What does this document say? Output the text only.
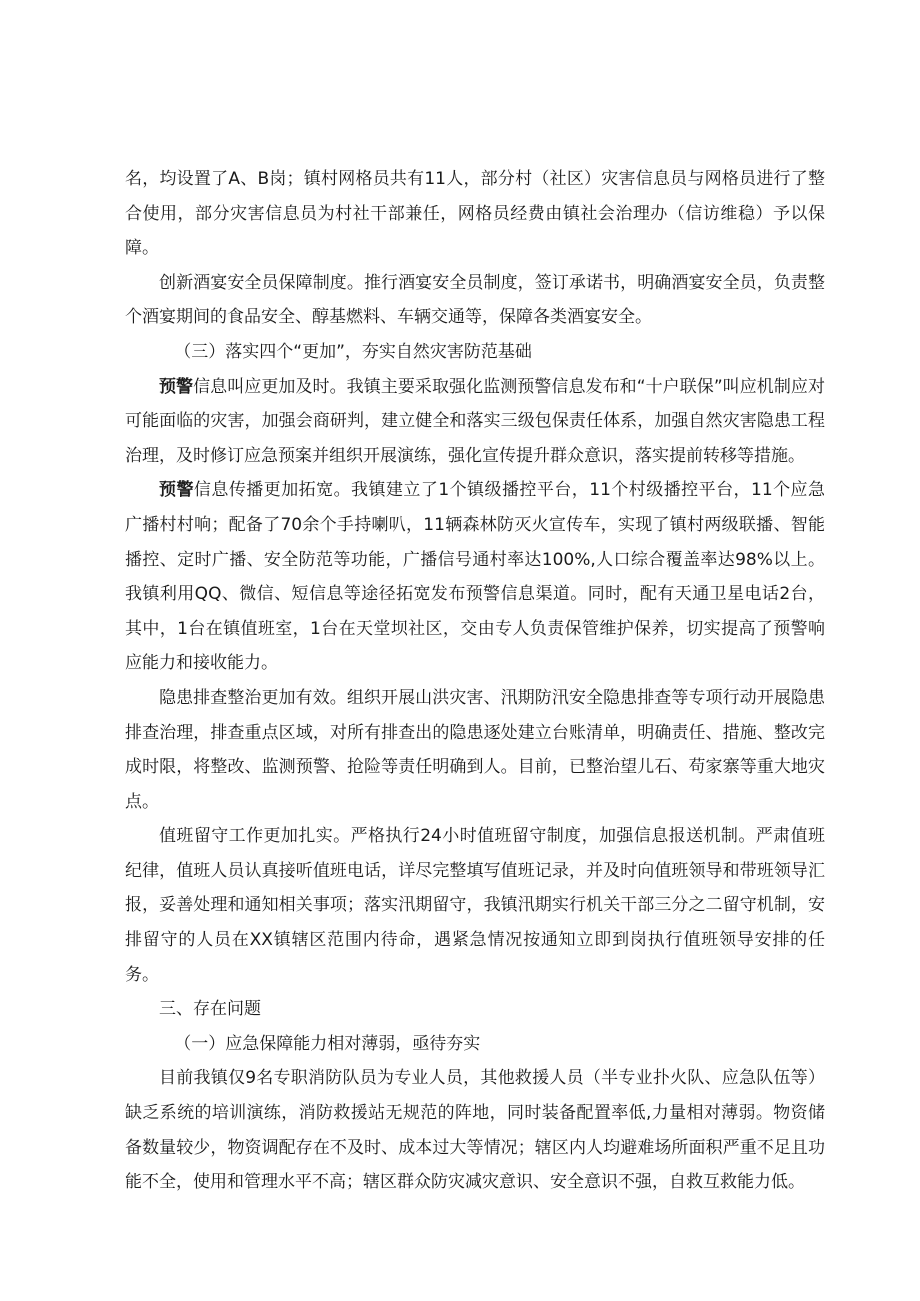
名，均设置了A、B岗；镇村网格员共有11人，部分村（社区）灾害信息员与网格员进行了整合使用，部分灾害信息员为村社干部兼任，网格员经费由镇社会治理办（信访维稳）予以保障。

创新酒宴安全员保障制度。推行酒宴安全员制度，签订承诺书，明确酒宴安全员，负责整个酒宴期间的食品安全、醇基燃料、车辆交通等，保障各类酒宴安全。

（三）落实四个“更加”，夯实自然灾害防范基础

预警信息叫应更加及时。我镇主要采取强化监测预警信息发布和“十户联保”叫应机制应对可能面临的灾害，加强会商研判，建立健全和落实三级包保责任体系，加强自然灾害隐患工程治理，及时修订应急预案并组织开展演练，强化宣传提升群众意识，落实提前转移等措施。

预警信息传播更加拓宽。我镇建立了1个镇级播控平台，11个村级播控平台，11个应急广播村村响；配备了70余个手持喇叭，11辆森林防灭火宣传车，实现了镇村两级联播、智能播控、定时广播、安全防范等功能，广播信号通村率达100%,人口综合覆盖率达98%以上。我镇利用QQ、微信、短信息等途径拓宽发布预警信息渠道。同时，配有天通卫星电话2台，其中，1台在镇值班室，1台在天堂坝社区，交由专人负责保管维护保养，切实提高了预警响应能力和接收能力。

隐患排查整治更加有效。组织开展山洪灾害、汛期防汛安全隐患排查等专项行动开展隐患排查治理，排查重点区域，对所有排查出的隐患逐处建立台账清单，明确责任、措施、整改完成时限，将整改、监测预警、抢险等责任明确到人。目前，已整治望儿石、苟家寨等重大地灾点。

值班留守工作更加扎实。严格执行24小时值班留守制度，加强信息报送机制。严肃值班纪律，值班人员认真接听值班电话，详尽完整填写值班记录，并及时向值班领导和带班领导汇报，妥善处理和通知相关事项；落实汛期留守，我镇汛期实行机关干部三分之二留守机制，安排留守的人员在XX镇辖区范围内待命，遇紧急情况按通知立即到岗执行值班领导安排的任务。

三、存在问题

（一）应急保障能力相对薄弱，亟待夯实

目前我镇仅9名专职消防队员为专业人员，其他救援人员（半专业扑火队、应急队伍等）缺乏系统的培训演练，消防救援站无规范的阵地，同时装备配置率低,力量相对薄弱。物资储备数量较少，物资调配存在不及时、成本过大等情况；辖区内人均避难场所面积严重不足且功能不全，使用和管理水平不高；辖区群众防灾减灾意识、安全意识不强，自救互救能力低。
